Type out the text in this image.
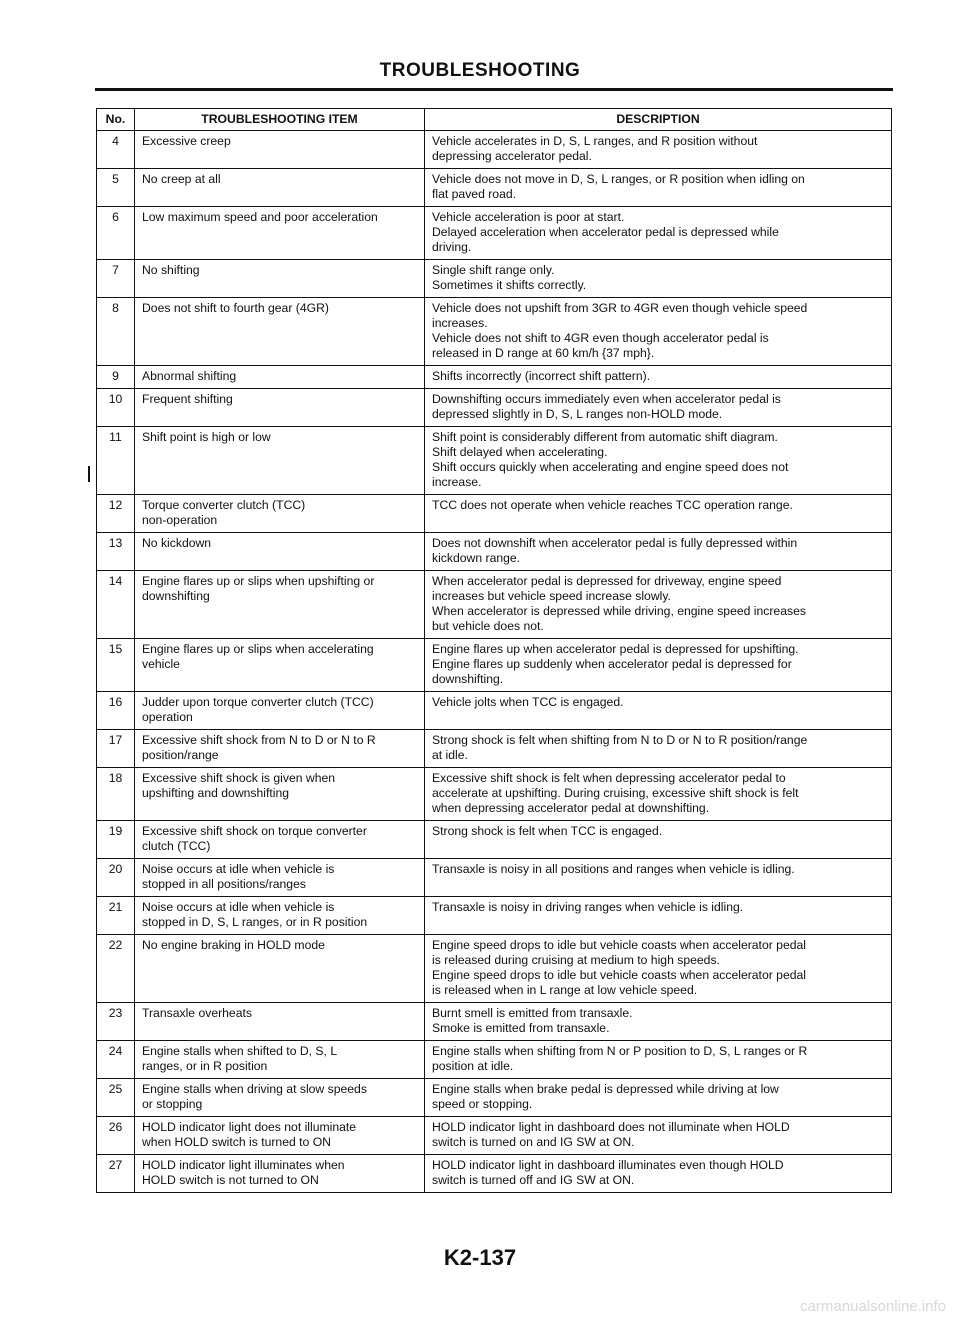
TROUBLESHOOTING
No.	TROUBLESHOOTING ITEM	DESCRIPTION
4	Excessive creep	Vehicle accelerates in D, S, L ranges, and R position without
depressing accelerator pedal.

5	No creep at all	Vehicle does not move in D, S, L ranges, or R position when idling on
flat paved road.

6	Low maximum speed and poor acceleration	Vehicle acceleration is poor at start.
Delayed acceleration when accelerator pedal is depressed while
driving.

7	No shifting	Single shift range only.
Sometimes it shifts correctly.

8	Does not shift to fourth gear (4GR)	Vehicle does not upshift from 3GR to 4GR even though vehicle speed
increases.
Vehicle does not shift to 4GR even though accelerator pedal is
released in D range at 60 km/h {37 mph}.

9	Abnormal shifting	Shifts incorrectly (incorrect shift pattern).

10	Frequent shifting	Downshifting occurs immediately even when accelerator pedal is
depressed slightly in D, S, L ranges non-HOLD mode.

11	Shift point is high or low	Shift point is considerably different from automatic shift diagram.
Shift delayed when accelerating.
Shift occurs quickly when accelerating and engine speed does not
increase.

12	Torque converter clutch (TCC)
non-operation	TCC does not operate when vehicle reaches TCC operation range.

13	No kickdown	Does not downshift when accelerator pedal is fully depressed within
kickdown range.

14	Engine flares up or slips when upshifting or
downshifting	When accelerator pedal is depressed for driveway, engine speed
increases but vehicle speed increase slowly.
When accelerator is depressed while driving, engine speed increases
but vehicle does not.

15	Engine flares up or slips when accelerating
vehicle	Engine flares up when accelerator pedal is depressed for upshifting.
Engine flares up suddenly when accelerator pedal is depressed for
downshifting.

16	Judder upon torque converter clutch (TCC)
operation	Vehicle jolts when TCC is engaged.

17	Excessive shift shock from N to D or N to R
position/range	Strong shock is felt when shifting from N to D or N to R position/range
at idle.

18	Excessive shift shock is given when
upshifting and downshifting	Excessive shift shock is felt when depressing accelerator pedal to
accelerate at upshifting. During cruising, excessive shift shock is felt
when depressing accelerator pedal at downshifting.

19	Excessive shift shock on torque converter
clutch (TCC)	Strong shock is felt when TCC is engaged.

20	Noise occurs at idle when vehicle is
stopped in all positions/ranges	Transaxle is noisy in all positions and ranges when vehicle is idling.

21	Noise occurs at idle when vehicle is
stopped in D, S, L ranges, or in R position	Transaxle is noisy in driving ranges when vehicle is idling.

22	No engine braking in HOLD mode	Engine speed drops to idle but vehicle coasts when accelerator pedal
is released during cruising at medium to high speeds.
Engine speed drops to idle but vehicle coasts when accelerator pedal
is released when in L range at low vehicle speed.

23	Transaxle overheats	Burnt smell is emitted from transaxle.
Smoke is emitted from transaxle.

24	Engine stalls when shifted to D, S, L
ranges, or in R position	Engine stalls when shifting from N or P position to D, S, L ranges or R
position at idle.

25	Engine stalls when driving at slow speeds
or stopping	Engine stalls when brake pedal is depressed while driving at low
speed or stopping.

26	HOLD indicator light does not illuminate
when HOLD switch is turned to ON	HOLD indicator light in dashboard does not illuminate when HOLD
switch is turned on and IG SW at ON.

27	HOLD indicator light illuminates when
HOLD switch is not turned to ON	HOLD indicator light in dashboard illuminates even though HOLD
switch is turned off and IG SW at ON.
K2-137
carmanualsonline.info
